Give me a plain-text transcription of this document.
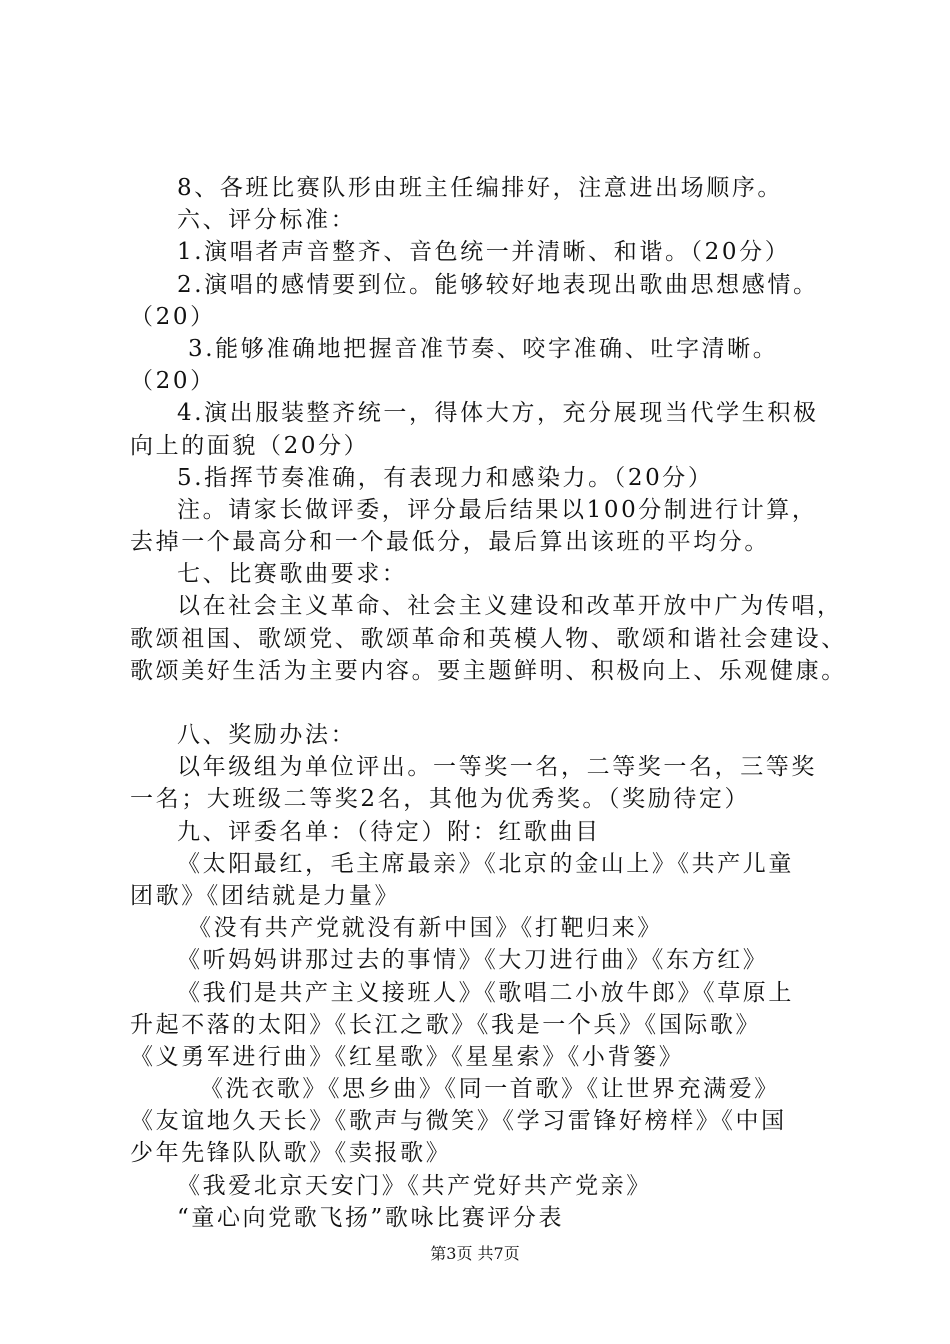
8、各班比赛队形由班主任编排好，注意进出场顺序。
六、评分标准：
1.演唱者声音整齐、音色统一并清晰、和谐。（20分）
2.演唱的感情要到位。能够较好地表现出歌曲思想感情。
（20）
3.能够准确地把握音准节奏、咬字准确、吐字清晰。
（20）
4.演出服装整齐统一，得体大方，充分展现当代学生积极
向上的面貌（20分）
5.指挥节奏准确，有表现力和感染力。（20分）
注。请家长做评委，评分最后结果以100分制进行计算，
去掉一个最高分和一个最低分，最后算出该班的平均分。
七、比赛歌曲要求：
以在社会主义革命、社会主义建设和改革开放中广为传唱，
歌颂祖国、歌颂党、歌颂革命和英模人物、歌颂和谐社会建设、
歌颂美好生活为主要内容。要主题鲜明、积极向上、乐观健康。
八、奖励办法：
以年级组为单位评出。一等奖一名，二等奖一名，三等奖
一名；大班级二等奖2名，其他为优秀奖。（奖励待定）
九、评委名单：（待定）附：红歌曲目
《太阳最红，毛主席最亲》《北京的金山上》《共产儿童
团歌》《团结就是力量》
《没有共产党就没有新中国》《打靶归来》
《听妈妈讲那过去的事情》《大刀进行曲》《东方红》
《我们是共产主义接班人》《歌唱二小放牛郎》《草原上
升起不落的太阳》《长江之歌》《我是一个兵》《国际歌》
《义勇军进行曲》《红星歌》《星星索》《小背篓》
《洗衣歌》《思乡曲》《同一首歌》《让世界充满爱》
《友谊地久天长》《歌声与微笑》《学习雷锋好榜样》《中国
少年先锋队队歌》《卖报歌》
《我爱北京天安门》《共产党好共产党亲》
“童心向党歌飞扬”歌咏比赛评分表
第3页 共7页
